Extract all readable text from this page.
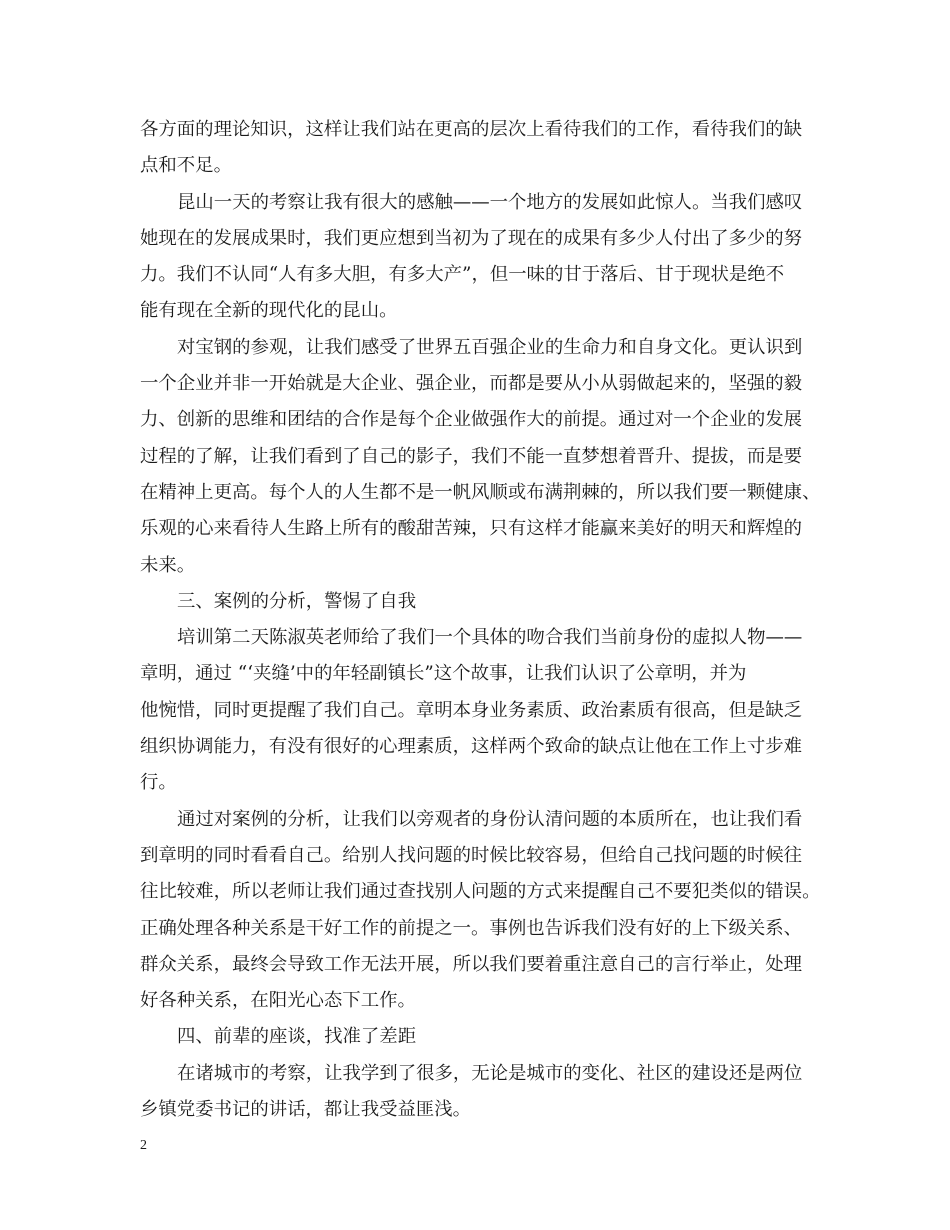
各方面的理论知识，这样让我们站在更高的层次上看待我们的工作，看待我们的缺
点和不足。
昆山一天的考察让我有很大的感触——一个地方的发展如此惊人。当我们感叹
她现在的发展成果时，我们更应想到当初为了现在的成果有多少人付出了多少的努
力。我们不认同“人有多大胆，有多大产”，但一味的甘于落后、甘于现状是绝不
能有现在全新的现代化的昆山。
对宝钢的参观，让我们感受了世界五百强企业的生命力和自身文化。更认识到
一个企业并非一开始就是大企业、强企业，而都是要从小从弱做起来的，坚强的毅
力、创新的思维和团结的合作是每个企业做强作大的前提。通过对一个企业的发展
过程的了解，让我们看到了自己的影子，我们不能一直梦想着晋升、提拔，而是要
在精神上更高。每个人的人生都不是一帆风顺或布满荆棘的，所以我们要一颗健康、
乐观的心来看待人生路上所有的酸甜苦辣，只有这样才能赢来美好的明天和辉煌的
未来。
三、案例的分析，警惕了自我
培训第二天陈淑英老师给了我们一个具体的吻合我们当前身份的虚拟人物——
章明，通过 “‘夹缝’中的年轻副镇长”这个故事，让我们认识了公章明，并为
他惋惜，同时更提醒了我们自己。章明本身业务素质、政治素质有很高，但是缺乏
组织协调能力，有没有很好的心理素质，这样两个致命的缺点让他在工作上寸步难
行。
通过对案例的分析，让我们以旁观者的身份认清问题的本质所在，也让我们看
到章明的同时看看自己。给别人找问题的时候比较容易，但给自己找问题的时候往
往比较难，所以老师让我们通过查找别人问题的方式来提醒自己不要犯类似的错误。
正确处理各种关系是干好工作的前提之一。事例也告诉我们没有好的上下级关系、
群众关系，最终会导致工作无法开展，所以我们要着重注意自己的言行举止，处理
好各种关系，在阳光心态下工作。
四、前辈的座谈，找准了差距
在诸城市的考察，让我学到了很多，无论是城市的变化、社区的建设还是两位
乡镇党委书记的讲话，都让我受益匪浅。
2
